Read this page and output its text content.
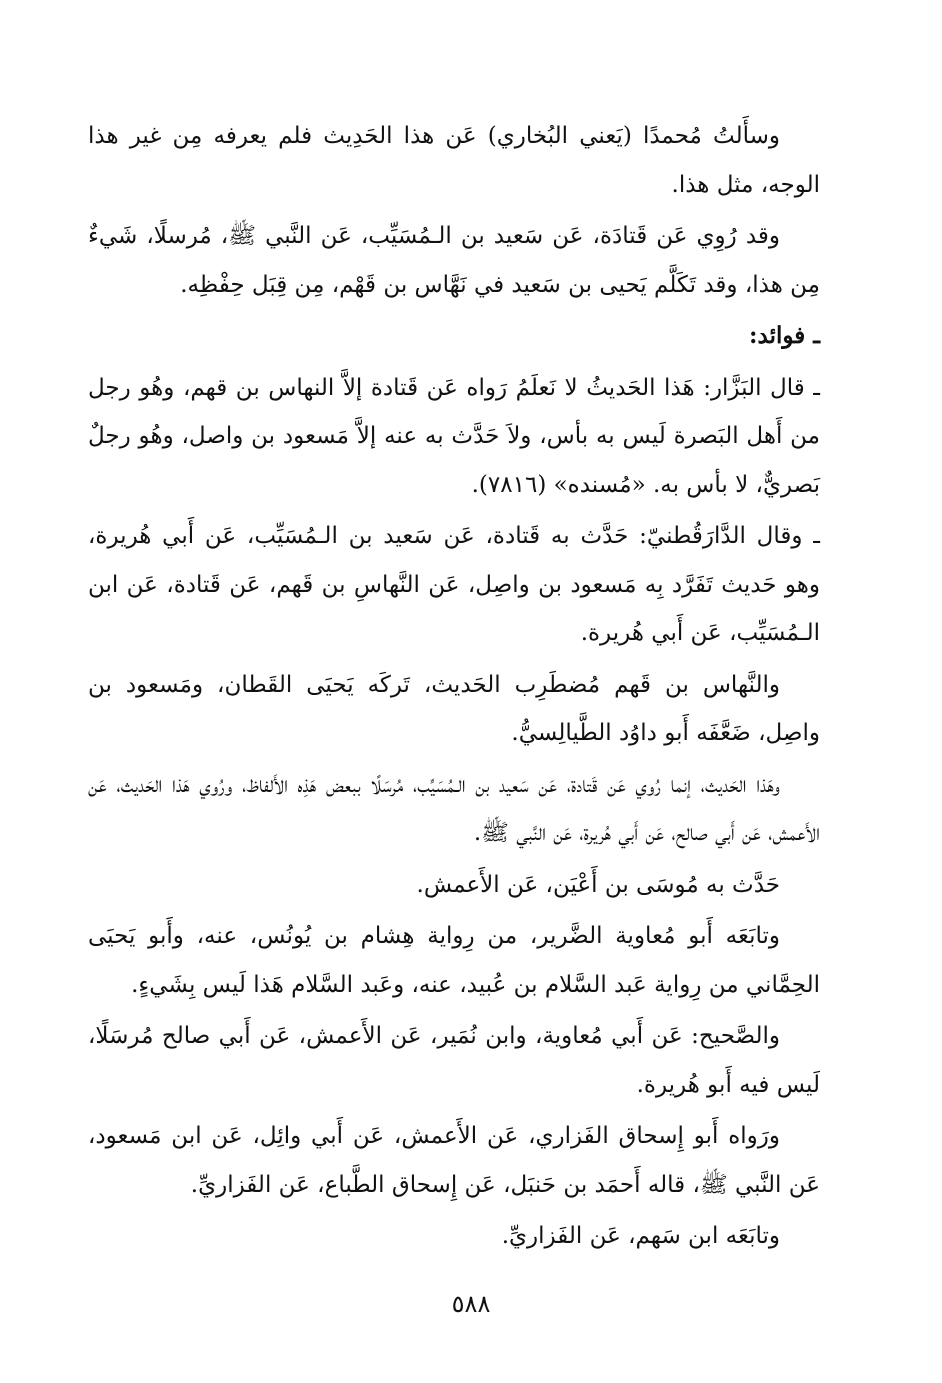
وسأَلتُ مُحمدًا (يَعني البُخاري) عَن هذا الحَدِيث فلم يعرفه مِن غير هذا الوجه، مثل هذا.

وقد رُوِي عَن قَتادَة، عَن سَعيد بن الـمُسَيِّب، عَن النَّبي ﷺ، مُرسلًا، شَيءٌ مِن هذا، وقد تَكَلَّم يَحيى بن سَعيد في نَهَّاس بن قَهْم، مِن قِبَل حِفْظِه.

ـ فوائد:

ـ قال البَزَّار: هَذا الحَديثُ لا نَعلَمُ رَواه عَن قَتادة إلاَّ النهاس بن قهم، وهُو رجل من أَهل البَصرة لَيس به بأس، ولاَ حَدَّث به عنه إلاَّ مَسعود بن واصل، وهُو رجلٌ بَصريٌّ، لا بأس به. «مُسنده» (٧٨١٦).

ـ وقال الدَّارَقُطنيّ: حَدَّث به قَتادة، عَن سَعيد بن الـمُسَيِّب، عَن أَبي هُريرة، وهو حَديث تَفَرَّد بِه مَسعود بن واصِل، عَن النَّهاسِ بن قَهم، عَن قَتادة، عَن ابن الـمُسَيِّب، عَن أَبي هُريرة.

والنَّهاس بن قَهم مُضطَرِب الحَديث، تَركَه يَحيَى القَطان، ومَسعود بن واصِل، ضَعَّفَه أَبو داوُد الطَّيالِسيُّ.

وهَذا الحَديث، إنما رُوي عَن قَتادة، عَن سَعيد بن الـمُسَيِّب، مُرسَلًا ببعض هَذِه الأَلفاظ، ورُوي هَذا الحَديث، عَن الأَعمش، عَن أَبي صالح، عَن أَبي هُريرة، عَن النَّبي ﷺ.

حَدَّث به مُوسَى بن أَعْيَن، عَن الأَعمش.

وتابَعَه أَبو مُعاوية الضَّرير، من رِواية هِشام بن يُونُس، عنه، وأَبو يَحيَى الحِمَّاني من رِواية عَبد السَّلام بن عُبيد، عنه، وعَبد السَّلام هَذا لَيس بِشَيءٍ.

والصَّحيح: عَن أَبي مُعاوية، وابن نُمَير، عَن الأَعمش، عَن أَبي صالح مُرسَلًا، لَيس فيه أَبو هُريرة.

ورَواه أَبو إِسحاق الفَزاري، عَن الأَعمش، عَن أَبي وائِل، عَن ابن مَسعود، عَن النَّبي ﷺ، قاله أَحمَد بن حَنبَل، عَن إِسحاق الطَّباع، عَن الفَزاريِّ.

وتابَعَه ابن سَهم، عَن الفَزاريِّ.

٥٨٨
